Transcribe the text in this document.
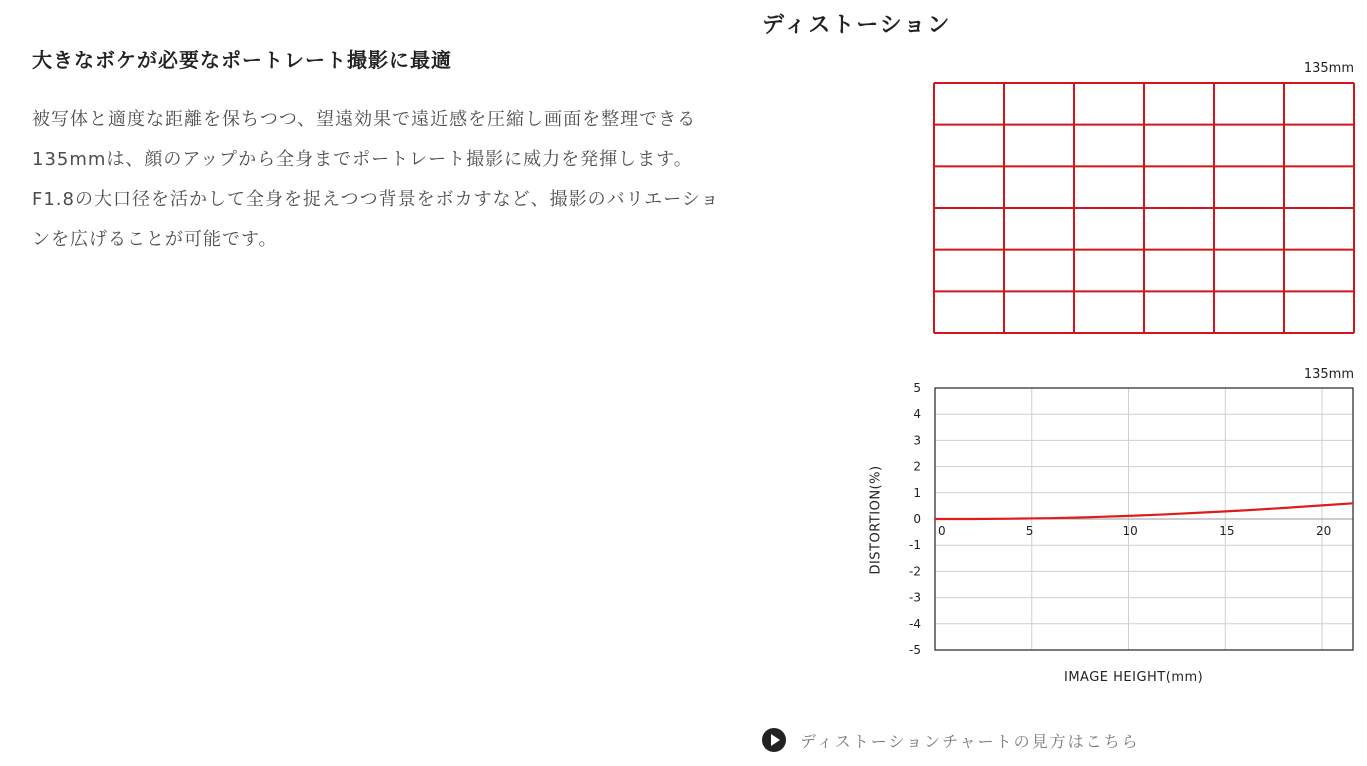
大きなボケが必要なポートレート撮影に最適

被写体と適度な距離を保ちつつ、望遠効果で遠近感を圧縮し画面を整理できる135mmは、顔のアップから全身までポートレート撮影に威力を発揮します。F1.8の大口径を活かして全身を捉えつつ背景をボカすなど、撮影のバリエーションを広げることが可能です。

ディストーション
135mm
135mm
5
4
3
2
1
0
-1
-2
-3
-4
-5
0	5	10	15	20
DISTORTION(%)
IMAGE HEIGHT(mm)
ディストーションチャートの見方はこちら
